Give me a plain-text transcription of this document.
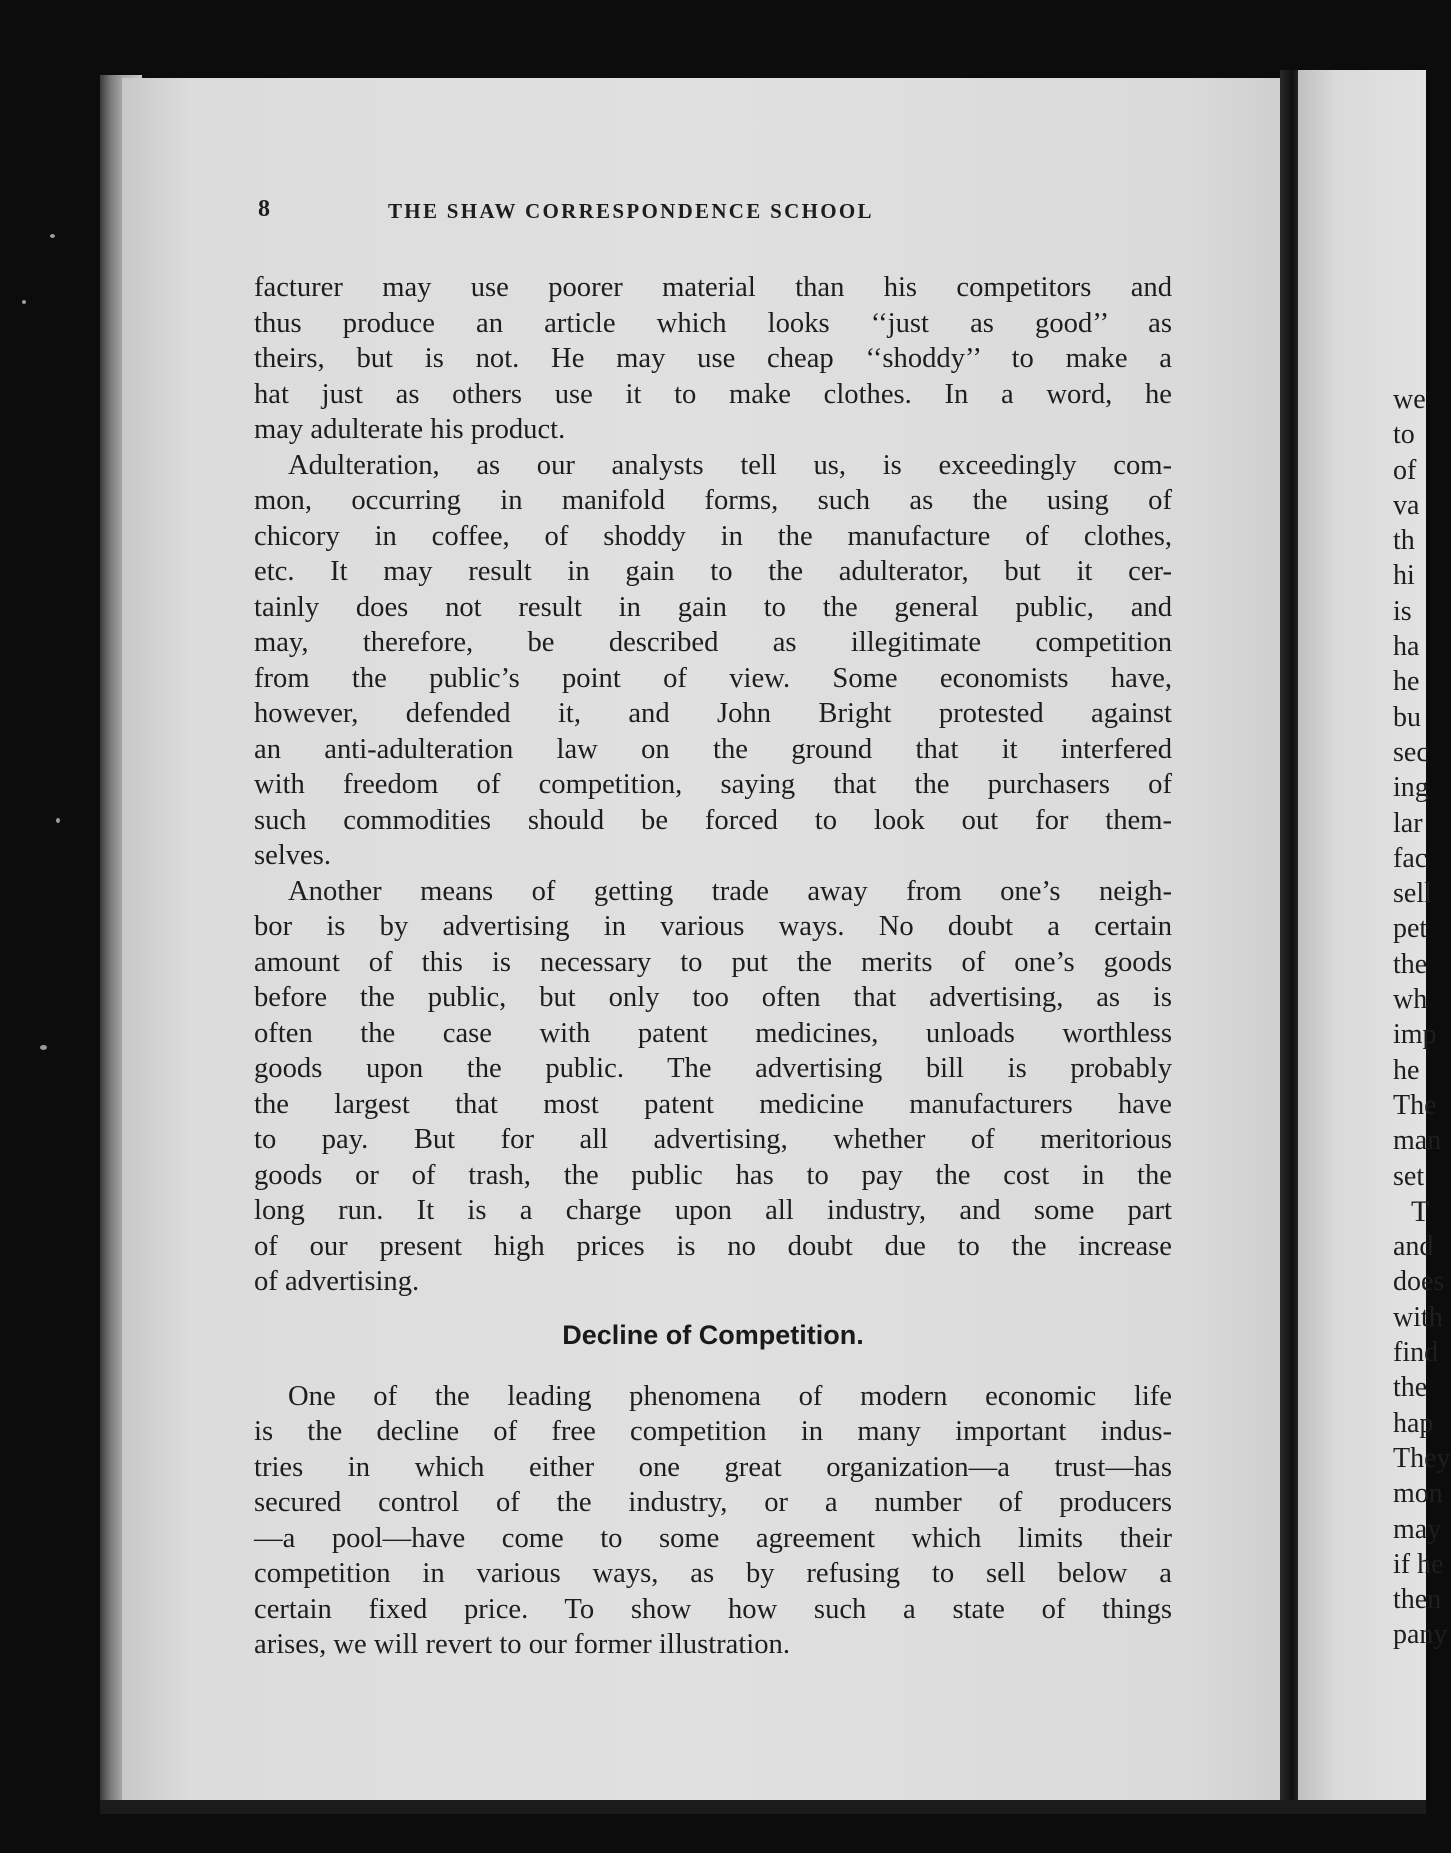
8	THE SHAW CORRESPONDENCE SCHOOL
facturer may use poorer material than his competitors and
thus produce an article which looks ‘‘just as good’’ as
theirs, but is not. He may use cheap ‘‘shoddy’’ to make a
hat just as others use it to make clothes. In a word, he
may adulterate his product.
Adulteration, as our analysts tell us, is exceedingly com-
mon, occurring in manifold forms, such as the using of
chicory in coffee, of shoddy in the manufacture of clothes,
etc. It may result in gain to the adulterator, but it cer-
tainly does not result in gain to the general public, and
may, therefore, be described as illegitimate competition
from the public’s point of view. Some economists have,
however, defended it, and John Bright protested against
an anti-adulteration law on the ground that it interfered
with freedom of competition, saying that the purchasers of
such commodities should be forced to look out for them-
selves.
Another means of getting trade away from one’s neigh-
bor is by advertising in various ways. No doubt a certain
amount of this is necessary to put the merits of one’s goods
before the public, but only too often that advertising, as is
often the case with patent medicines, unloads worthless
goods upon the public. The advertising bill is probably
the largest that most patent medicine manufacturers have
to pay. But for all advertising, whether of meritorious
goods or of trash, the public has to pay the cost in the
long run. It is a charge upon all industry, and some part
of our present high prices is no doubt due to the increase
of advertising.
Decline of Competition.
One of the leading phenomena of modern economic life
is the decline of free competition in many important indus-
tries in which either one great organization—a trust—has
secured control of the industry, or a number of producers
—a pool—have come to some agreement which limits their
competition in various ways, as by refusing to sell below a
certain fixed price. To show how such a state of things
arises, we will revert to our former illustration.
we
to
of
va
th
hi
is
ha
he
bu
sec
ing
lar
fac
sell
pet
the
wh
imp
he
The
man
set
T
and
does
with
find
the
hap
They
mon
may
if he
then
pany
